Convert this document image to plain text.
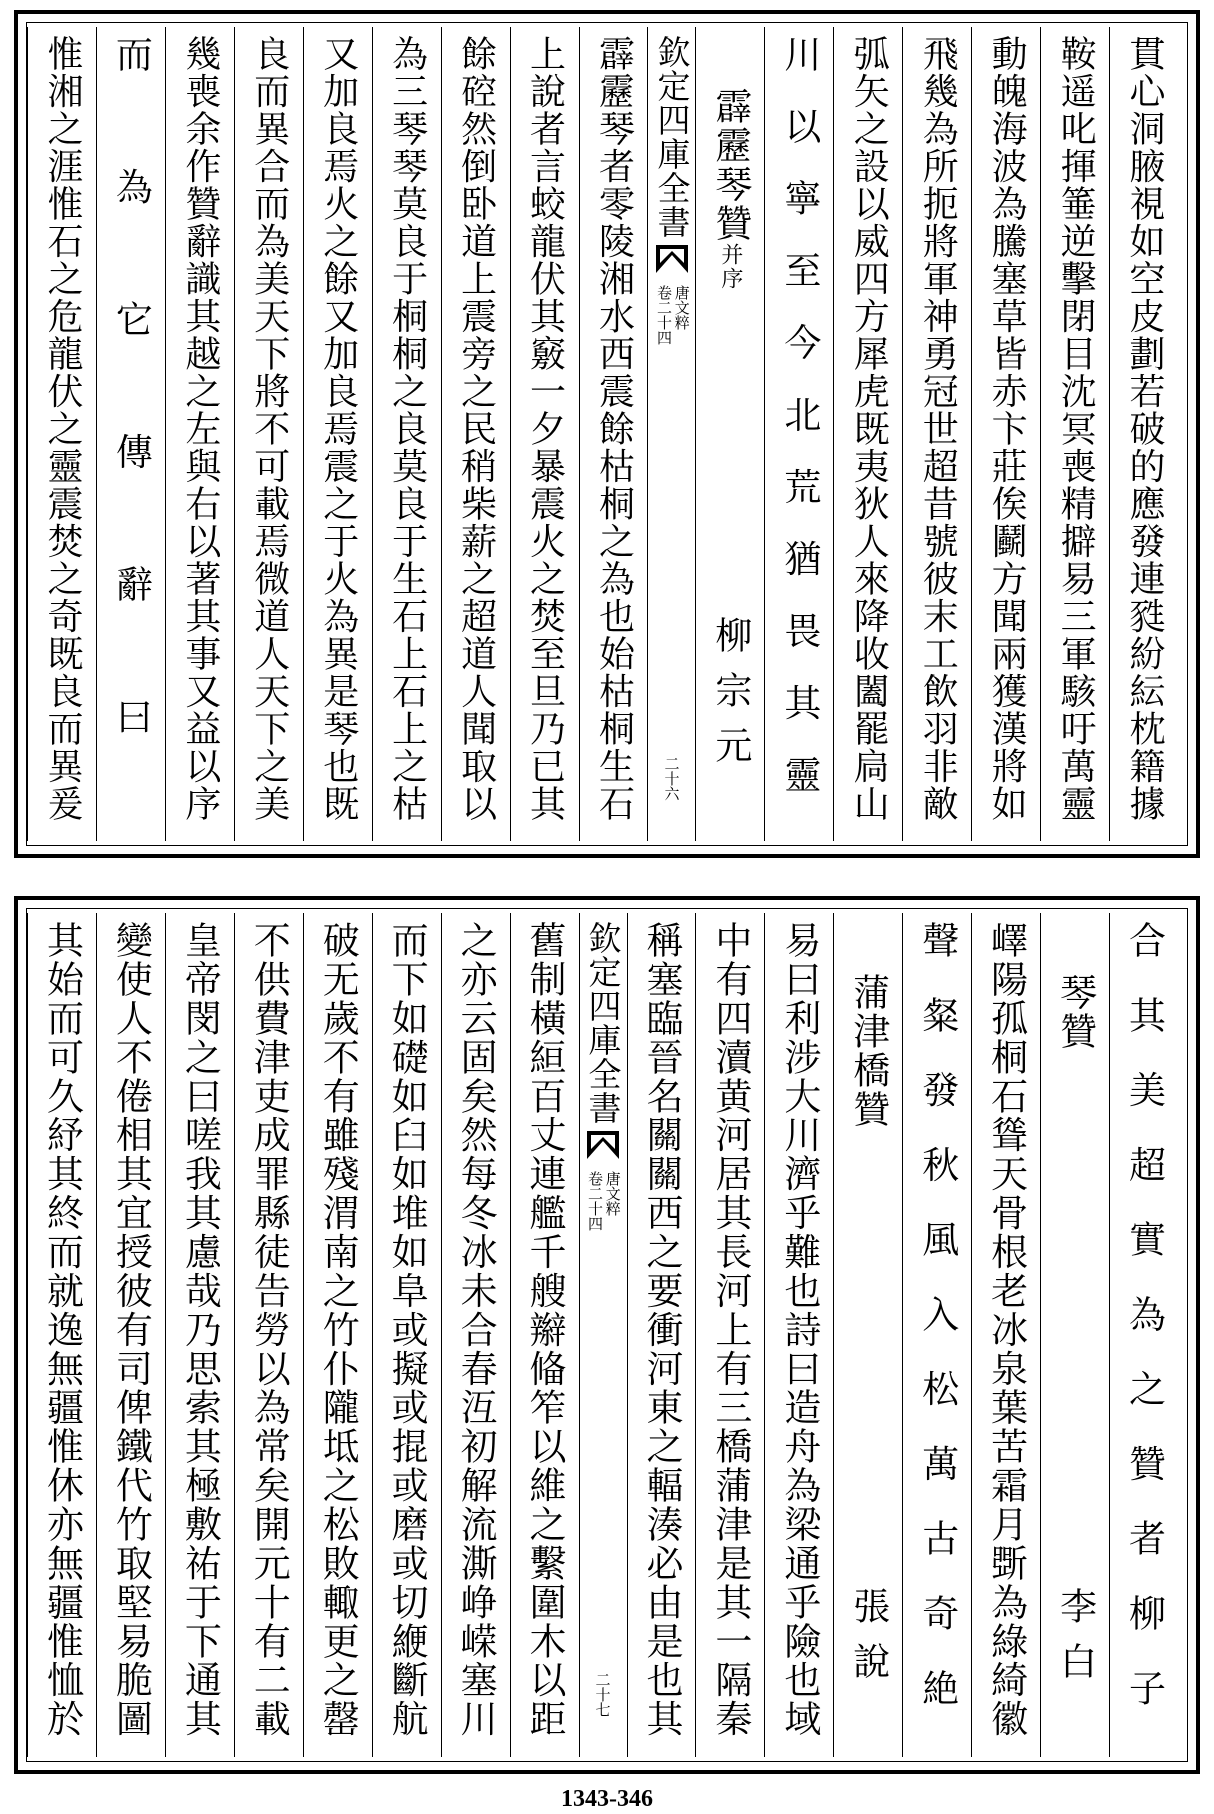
貫心洞腋視如空皮劃若破的應發連甤紛紜枕籍據
鞍遥叱揮箠逆擊閉目沈冥喪精擗易三軍駭吁萬靈
動魄海波為騰塞草皆赤卞莊俟鬬方聞兩獲漢將如
飛幾為所扼將軍神勇冠世超昔號彼末工飲羽非敵
弧矢之設以威四方犀虎既夷狄人來降收闔罷扃山
川以寧至今北荒猶畏其靈
霹靂琴贊并序
柳宗元
欽定四庫全書
唐文粹
卷二十四
二十六
霹靂琴者零陵湘水西震餘枯桐之為也始枯桐生石
上說者言蛟龍伏其竅一夕暴震火之焚至旦乃已其
餘硿然倒卧道上震旁之民稍柴薪之超道人聞取以
為三琴琴莫良于桐桐之良莫良于生石上石上之枯
又加良焉火之餘又加良焉震之于火為異是琴也既
良而異合而為美天下將不可載焉微道人天下之美
幾喪余作贊辭識其越之左與右以著其事又益以序
而為它傳辭曰
惟湘之涯惟石之危龍伏之靈震焚之奇既良而異爰
合其美超實為之贊者柳子
琴贊
李白
嶧陽孤桐石聳天骨根老冰泉葉苦霜月斲為綠綺徽
聲粲發秋風入松萬古奇絶
蒲津橋贊
張說
易曰利涉大川濟乎難也詩曰造舟為梁通乎險也域
中有四瀆黄河居其長河上有三橋蒲津是其一隔秦
稱塞臨晉名關關西之要衝河東之輻湊必由是也其
欽定四庫全書
唐文粹
卷二十四
二十七
舊制橫絙百丈連艦千艘辮偹笮以維之繫圍木以距
之亦云固矣然每冬冰未合春沍初解流澌峥嵘塞川
而下如礎如臼如堆如阜或擬或掍或磨或切緶斷航
破无歲不有雖殘渭南之竹仆隴坻之松敗輙更之罄
不供費津吏成罪縣徒告勞以為常矣開元十有二載
皇帝閔之曰嗟我其慮哉乃思索其極敷祐于下通其
變使人不倦相其宜授彼有司俾鐵代竹取堅易脆圖
其始而可久紓其終而就逸無疆惟休亦無疆惟恤於
1343-346
